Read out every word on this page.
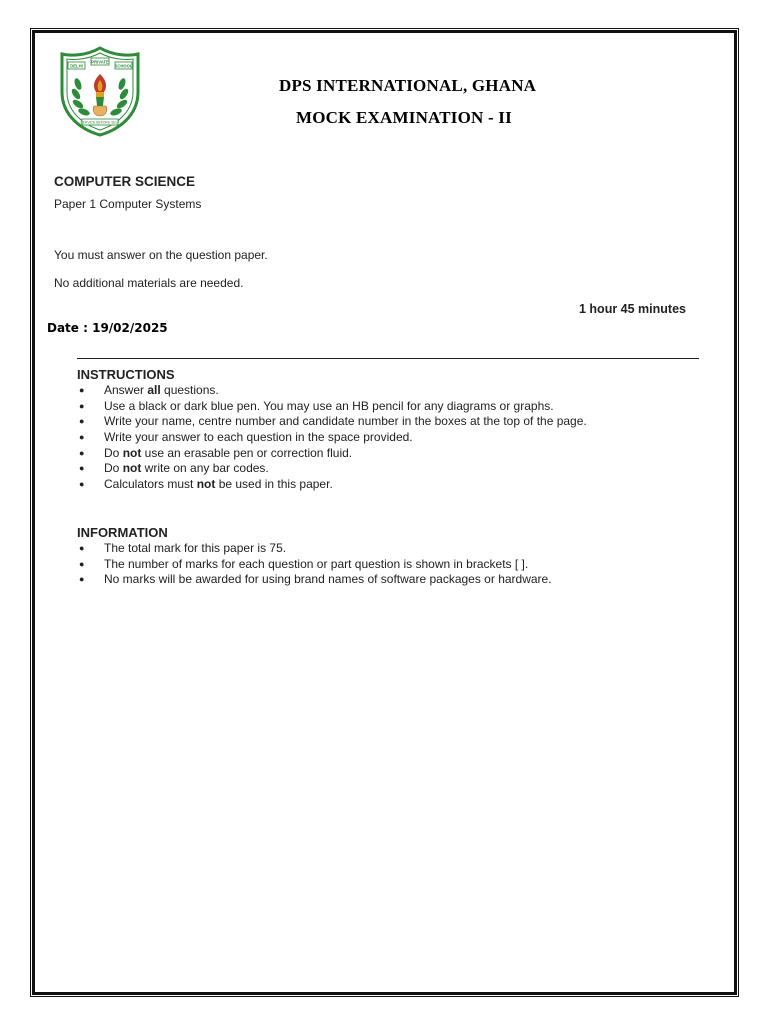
DELHI
PRIVATE
SCHOOL
SERVICE BEFORE SELF
DPS INTERNATIONAL, GHANA
MOCK EXAMINATION - II
COMPUTER SCIENCE
Paper 1 Computer Systems
You must answer on the question paper.
No additional materials are needed.
1 hour 45 minutes
Date : 19/02/2025
INSTRUCTIONS
● Answer all questions.
● Use a black or dark blue pen. You may use an HB pencil for any diagrams or graphs.
● Write your name, centre number and candidate number in the boxes at the top of the page.
● Write your answer to each question in the space provided.
● Do not use an erasable pen or correction fluid.
● Do not write on any bar codes.
● Calculators must not be used in this paper.
INFORMATION
● The total mark for this paper is 75.
● The number of marks for each question or part question is shown in brackets [ ].
● No marks will be awarded for using brand names of software packages or hardware.
